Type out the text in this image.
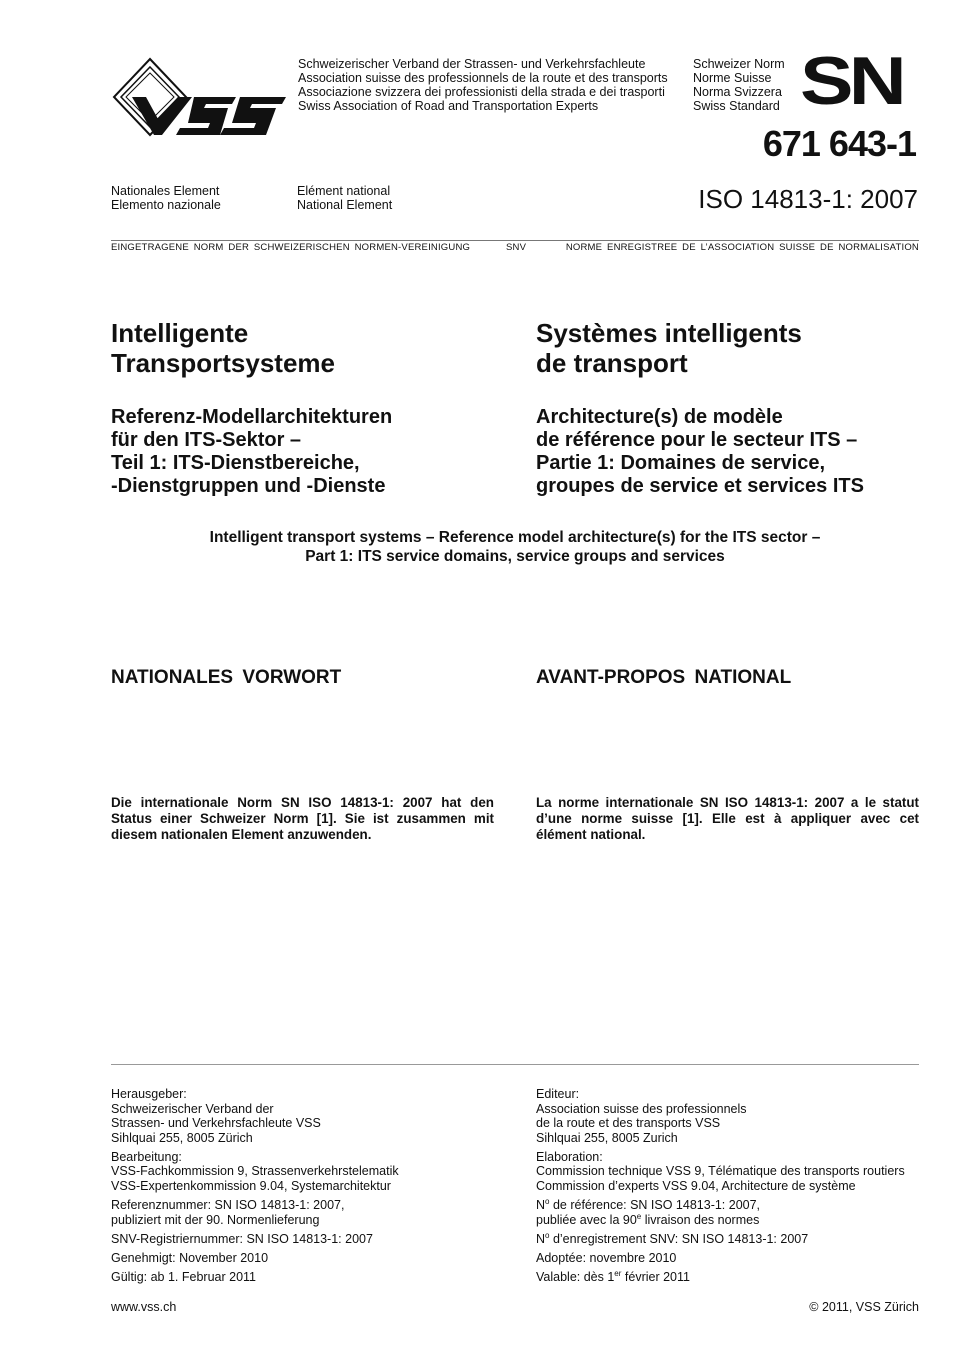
Schweizerischer Verband der Strassen- und Verkehrsfachleute
Association suisse des professionnels de la route et des transports
Associazione svizzera dei professionisti della strada e dei trasporti
Swiss Association of Road and Transportation Experts
Schweizer Norm
Norme Suisse
Norma Svizzera
Swiss Standard SN
671 643-1
Nationales Element
Elemento nazionale
Elément national
National Element	ISO 14813-1: 2007
EINGETRAGENE NORM DER SCHWEIZERISCHEN NORMEN-VEREINIGUNG	SNV	NORME ENREGISTREE DE L’ASSOCIATION SUISSE DE NORMALISATION
Intelligente
Transportsysteme
Systèmes intelligents
de transport
Referenz-Modellarchitekturen
für den ITS-Sektor –
Teil 1: ITS-Dienstbereiche,
-Dienstgruppen und -Dienste
Architecture(s) de modèle
de référence pour le secteur ITS –
Partie 1: Domaines de service,
groupes de service et services ITS
Intelligent transport systems – Reference model architecture(s) for the ITS sector –
Part 1: ITS service domains, service groups and services
NATIONALES VORWORT	AVANT-PROPOS NATIONAL
Die internationale Norm SN ISO 14813-1: 2007 hat den Status einer Schweizer Norm [1]. Sie ist zusammen mit diesem nationalen Element anzuwenden.
La norme internationale SN ISO 14813-1: 2007 a le statut d’une norme suisse [1]. Elle est à appliquer avec cet élément national.
Herausgeber:
Schweizerischer Verband der
Strassen- und Verkehrsfachleute VSS
Sihlquai 255, 8005 Zürich
Bearbeitung:
VSS-Fachkommission 9, Strassenverkehrstelematik
VSS-Expertenkommission 9.04, Systemarchitektur
Referenznummer: SN ISO 14813-1: 2007,
publiziert mit der 90. Normenlieferung
SNV-Registriernummer: SN ISO 14813-1: 2007
Genehmigt: November 2010
Gültig: ab 1. Februar 2011
Editeur:
Association suisse des professionnels
de la route et des transports VSS
Sihlquai 255, 8005 Zurich
Elaboration:
Commission technique VSS 9, Télématique des transports routiers
Commission d’experts VSS 9.04, Architecture de système
$N^o$ de référence: SN ISO 14813-1: 2007,
publiée avec la 90e livraison des normes
$N^o$ d’enregistrement SNV: SN ISO 14813-1: 2007
Adoptée: novembre 2010
Valable: dès 1er février 2011
www.vss.ch	© 2011, VSS Zürich
